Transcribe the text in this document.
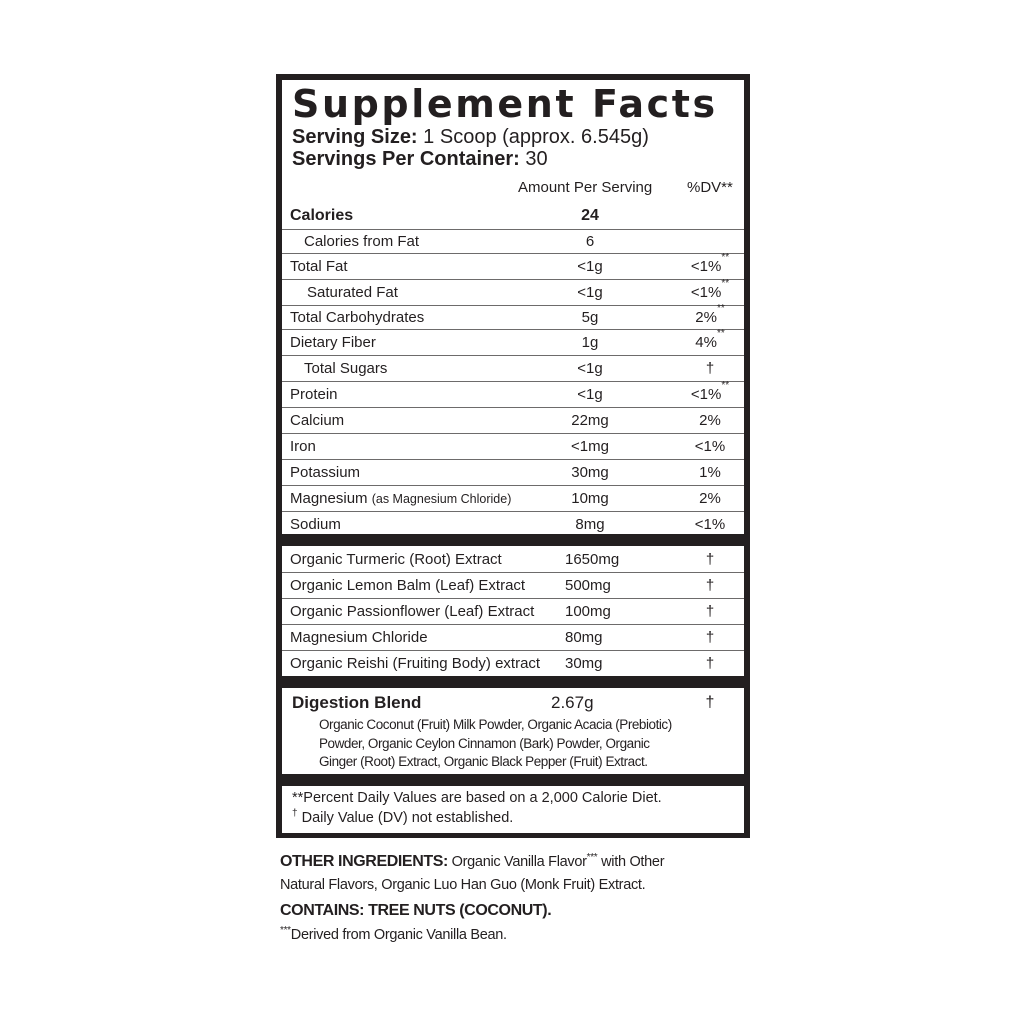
Supplement Facts
Serving Size: 1 Scoop (approx. 6.545g)
Servings Per Container: 30
Amount Per Serving %DV**
Calories	24
Calories from Fat	6
Total Fat	<1g	<1%
**
Saturated Fat	<1g	<1%
**
Total Carbohydrates	5g	2%
**
Dietary Fiber	1g	4%
**
Total Sugars	<1g	†
Protein	<1g	<1%
**
Calcium	22mg	2%
Iron	<1mg	<1%
Potassium	30mg	1%
Magnesium (as Magnesium Chloride)	10mg	2%
Sodium	8mg	<1%
Organic Turmeric (Root) Extract	1650mg	†
Organic Lemon Balm (Leaf) Extract	500mg	†
Organic Passionflower (Leaf) Extract 100mg	†
Magnesium Chloride	80mg	†
Organic Reishi (Fruiting Body) extract 30mg	†
Digestion Blend	2.67g	†
Organic Coconut (Fruit) Milk Powder, Organic Acacia (Prebiotic)
Powder, Organic Ceylon Cinnamon (Bark) Powder, Organic
Ginger (Root) Extract, Organic Black Pepper (Fruit) Extract.
**Percent Daily Values are based on a 2,000 Calorie Diet.
† Daily Value (DV) not established.
OTHER INGREDIENTS: Organic Vanilla Flavor*** with Other
Natural Flavors, Organic Luo Han Guo (Monk Fruit) Extract.
CONTAINS: TREE NUTS (COCONUT).
***Derived from Organic Vanilla Bean.
